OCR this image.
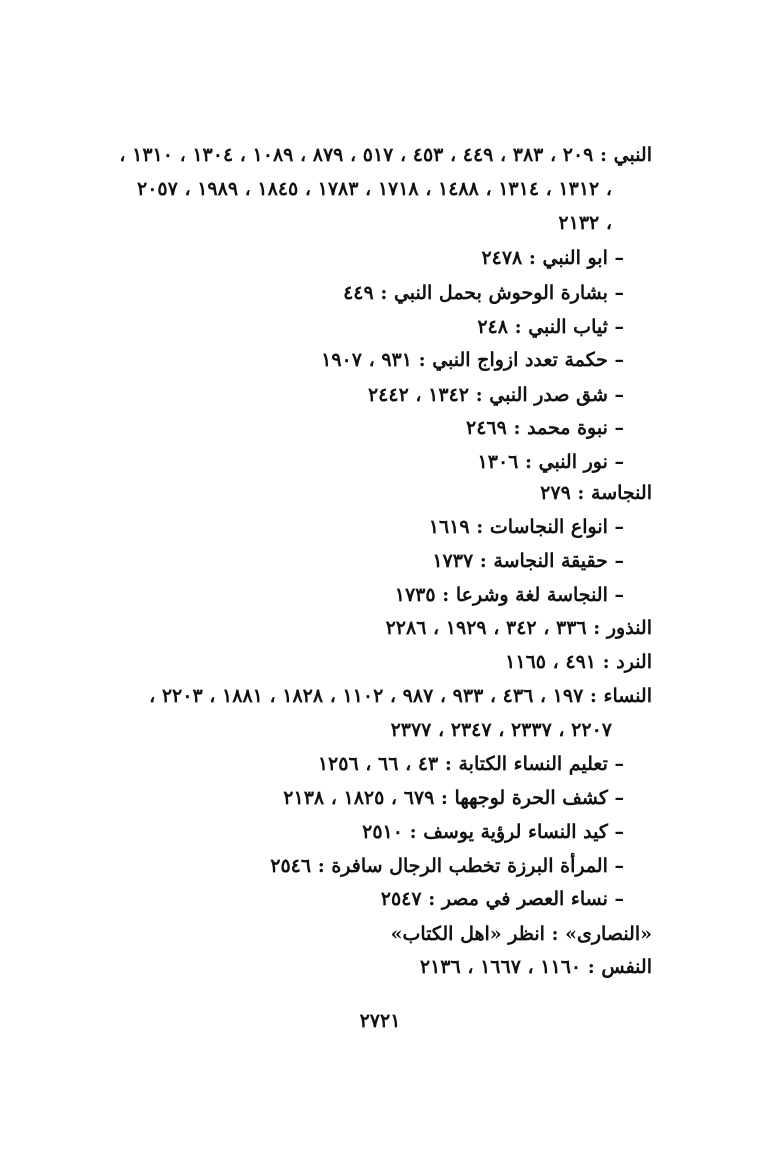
النبي : ٢٠٩ ، ٣٨٣ ، ٤٤٩ ، ٤٥٣ ، ٥١٧ ، ٨٧٩ ، ١٠٨٩ ، ١٣٠٤ ، ١٣١٠ ،
١٣١٢ ، ١٣١٤ ، ١٤٨٨ ، ١٧١٨ ، ١٧٨٣ ، ١٨٤٥ ، ١٩٨٩ ، ٢٠٥٧ ،
٢١٣٢ ،
– ابو النبي : ٢٤٧٨
– بشارة الوحوش بحمل النبي : ٤٤٩
– ثياب النبي : ٢٤٨
– حكمة تعدد ازواج النبي : ٩٣١ ، ١٩٠٧
– شق صدر النبي : ١٣٤٢ ، ٢٤٤٢
– نبوة محمد : ٢٤٦٩
– نور النبي : ١٣٠٦
النجاسة : ٢٧٩
– انواع النجاسات : ١٦١٩
– حقيقة النجاسة : ١٧٣٧
– النجاسة لغة وشرعا : ١٧٣٥
النذور : ٣٣٦ ، ٣٤٢ ، ١٩٢٩ ، ٢٢٨٦
النرد : ٤٩١ ، ١١٦٥
النساء : ١٩٧ ، ٤٣٦ ، ٩٣٣ ، ٩٨٧ ، ١١٠٢ ، ١٨٢٨ ، ١٨٨١ ، ٢٢٠٣ ،
٢٢٠٧ ، ٢٣٣٧ ، ٢٣٤٧ ، ٢٣٧٧
– تعليم النساء الكتابة : ٤٣ ، ٦٦ ، ١٢٥٦
– كشف الحرة لوجهها : ٦٧٩ ، ١٨٢٥ ، ٢١٣٨
– كيد النساء لرؤية يوسف : ٢٥١٠
– المرأة البرزة تخطب الرجال سافرة : ٢٥٤٦
– نساء العصر في مصر : ٢٥٤٧
«النصارى» : انظر «اهل الكتاب»
النفس : ١١٦٠ ، ١٦٦٧ ، ٢١٣٦
٢٧٢١
